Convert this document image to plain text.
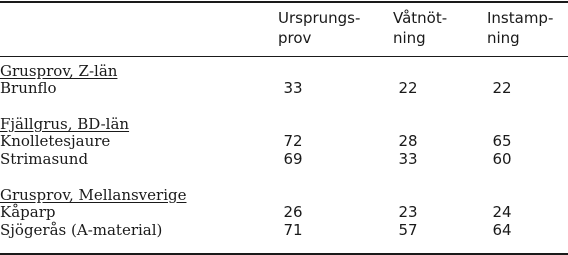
Ursprungs-
prov
Våtnöt-
ning
Instamp-
ning
Grusprov, Z-län
Brunflo	33	22	22
Fjällgrus, BD-län
Knolletesjaure	72	28	65
Strimasund	69	33	60
Grusprov, Mellansverige
Kåparp	26	23	24
Sjögerås (A-material)	71	57	64
